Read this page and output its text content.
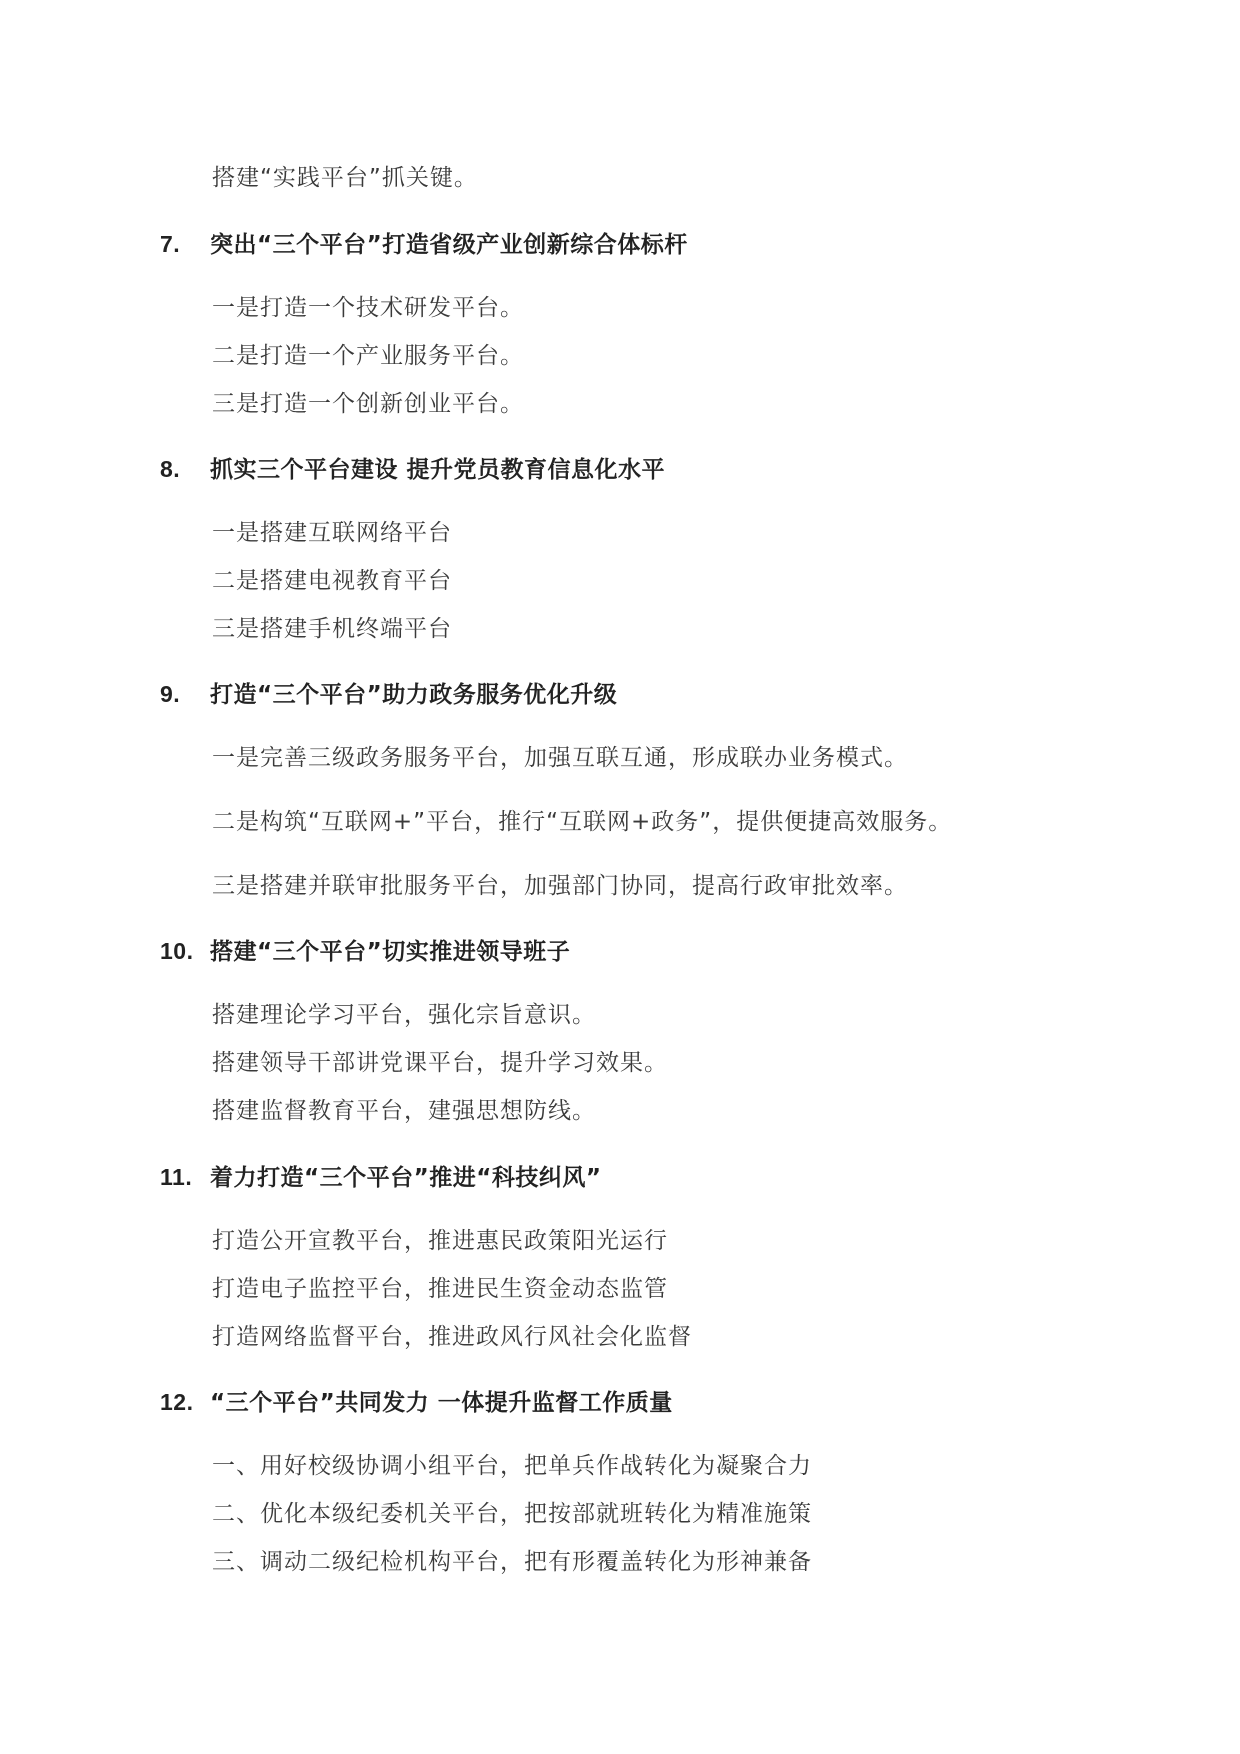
搭建“实践平台”抓关键。
7. 突出“三个平台”打造省级产业创新综合体标杆
一是打造一个技术研发平台。
二是打造一个产业服务平台。
三是打造一个创新创业平台。
8. 抓实三个平台建设 提升党员教育信息化水平
一是搭建互联网络平台
二是搭建电视教育平台
三是搭建手机终端平台
9. 打造“三个平台”助力政务服务优化升级
一是完善三级政务服务平台，加强互联互通，形成联办业务模式。
二是构筑“互联网+”平台，推行“互联网+政务”，提供便捷高效服务。
三是搭建并联审批服务平台，加强部门协同，提高行政审批效率。
10. 搭建“三个平台”切实推进领导班子
搭建理论学习平台，强化宗旨意识。
搭建领导干部讲党课平台，提升学习效果。
搭建监督教育平台，建强思想防线。
11. 着力打造“三个平台”推进“科技纠风”
打造公开宣教平台，推进惠民政策阳光运行
打造电子监控平台，推进民生资金动态监管
打造网络监督平台，推进政风行风社会化监督
12. “三个平台”共同发力 一体提升监督工作质量
一、用好校级协调小组平台，把单兵作战转化为凝聚合力
二、优化本级纪委机关平台，把按部就班转化为精准施策
三、调动二级纪检机构平台，把有形覆盖转化为形神兼备
